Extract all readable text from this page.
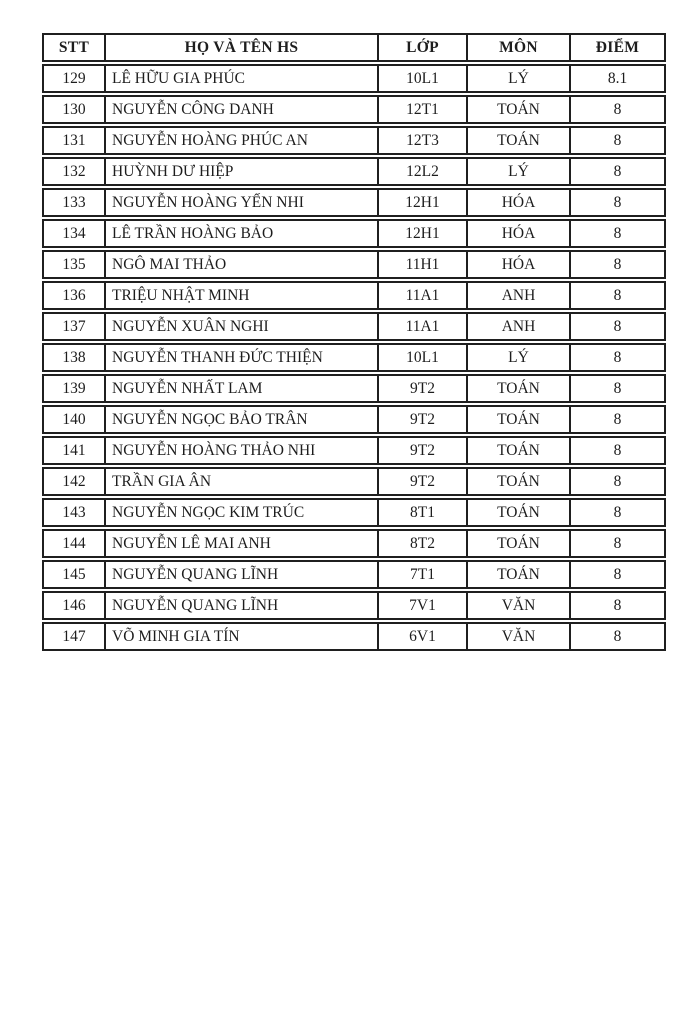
STT	HỌ VÀ TÊN HS	LỚP	MÔN	ĐIỂM
129	LÊ HỮU GIA PHÚC	10L1	LÝ	8.1
130	NGUYỄN CÔNG DANH	12T1	TOÁN	8
131	NGUYỄN HOÀNG PHÚC AN	12T3	TOÁN	8
132	HUỲNH DƯ HIỆP	12L2	LÝ	8
133	NGUYỄN HOÀNG YẾN NHI	12H1	HÓA	8
134	LÊ TRẦN HOÀNG BẢO	12H1	HÓA	8
135	NGÔ MAI THẢO	11H1	HÓA	8
136	TRIỆU NHẬT MINH	11A1	ANH	8
137	NGUYỄN XUÂN NGHI	11A1	ANH	8
138	NGUYỄN THANH ĐỨC THIỆN	10L1	LÝ	8
139	NGUYỄN NHẤT LAM	9T2	TOÁN	8
140	NGUYỄN NGỌC BẢO TRÂN	9T2	TOÁN	8
141	NGUYỄN HOÀNG THẢO NHI	9T2	TOÁN	8
142	TRẦN GIA ÂN	9T2	TOÁN	8
143	NGUYỄN NGỌC KIM TRÚC	8T1	TOÁN	8
144	NGUYỄN LÊ MAI ANH	8T2	TOÁN	8
145	NGUYỄN QUANG LĨNH	7T1	TOÁN	8
146	NGUYỄN QUANG LĨNH	7V1	VĂN	8
147	VÕ MINH GIA TÍN	6V1	VĂN	8
